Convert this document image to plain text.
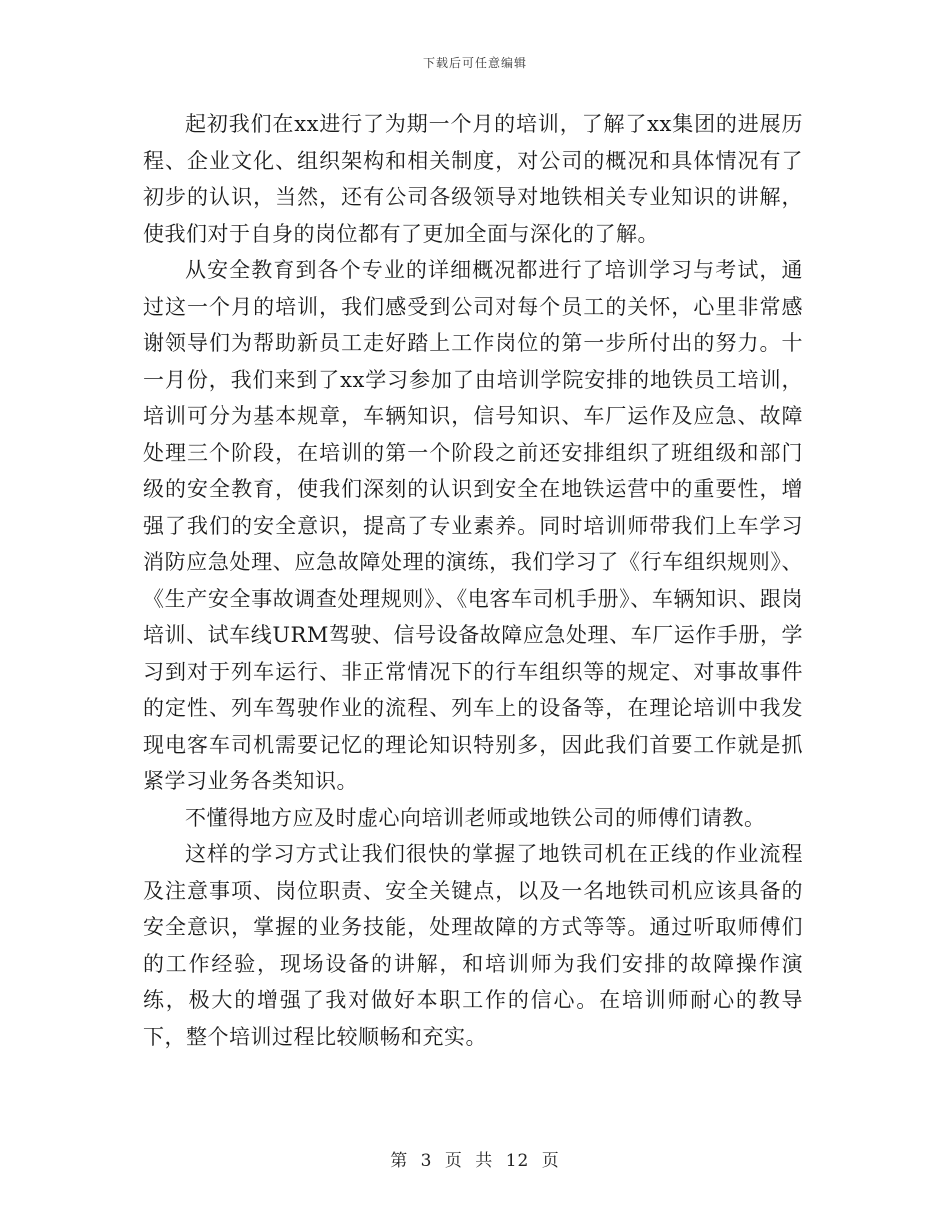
下载后可任意编辑

起初我们在xx进行了为期一个月的培训，了解了xx集团的进展历程、企业文化、组织架构和相关制度，对公司的概况和具体情况有了初步的认识，当然，还有公司各级领导对地铁相关专业知识的讲解，使我们对于自身的岗位都有了更加全面与深化的了解。

从安全教育到各个专业的详细概况都进行了培训学习与考试，通过这一个月的培训，我们感受到公司对每个员工的关怀，心里非常感谢领导们为帮助新员工走好踏上工作岗位的第一步所付出的努力。十一月份，我们来到了xx学习参加了由培训学院安排的地铁员工培训，培训可分为基本规章，车辆知识，信号知识、车厂运作及应急、故障处理三个阶段，在培训的第一个阶段之前还安排组织了班组级和部门级的安全教育，使我们深刻的认识到安全在地铁运营中的重要性，增强了我们的安全意识，提高了专业素养。同时培训师带我们上车学习消防应急处理、应急故障处理的演练，我们学习了《行车组织规则》、《生产安全事故调查处理规则》、《电客车司机手册》、车辆知识、跟岗培训、试车线URM驾驶、信号设备故障应急处理、车厂运作手册，学习到对于列车运行、非正常情况下的行车组织等的规定、对事故事件的定性、列车驾驶作业的流程、列车上的设备等，在理论培训中我发现电客车司机需要记忆的理论知识特别多，因此我们首要工作就是抓紧学习业务各类知识。

不懂得地方应及时虚心向培训老师或地铁公司的师傅们请教。

这样的学习方式让我们很快的掌握了地铁司机在正线的作业流程及注意事项、岗位职责、安全关键点，以及一名地铁司机应该具备的安全意识，掌握的业务技能，处理故障的方式等等。通过听取师傅们的工作经验，现场设备的讲解，和培训师为我们安排的故障操作演练，极大的增强了我对做好本职工作的信心。在培训师耐心的教导下，整个培训过程比较顺畅和充实。

第 3 页 共 12 页
